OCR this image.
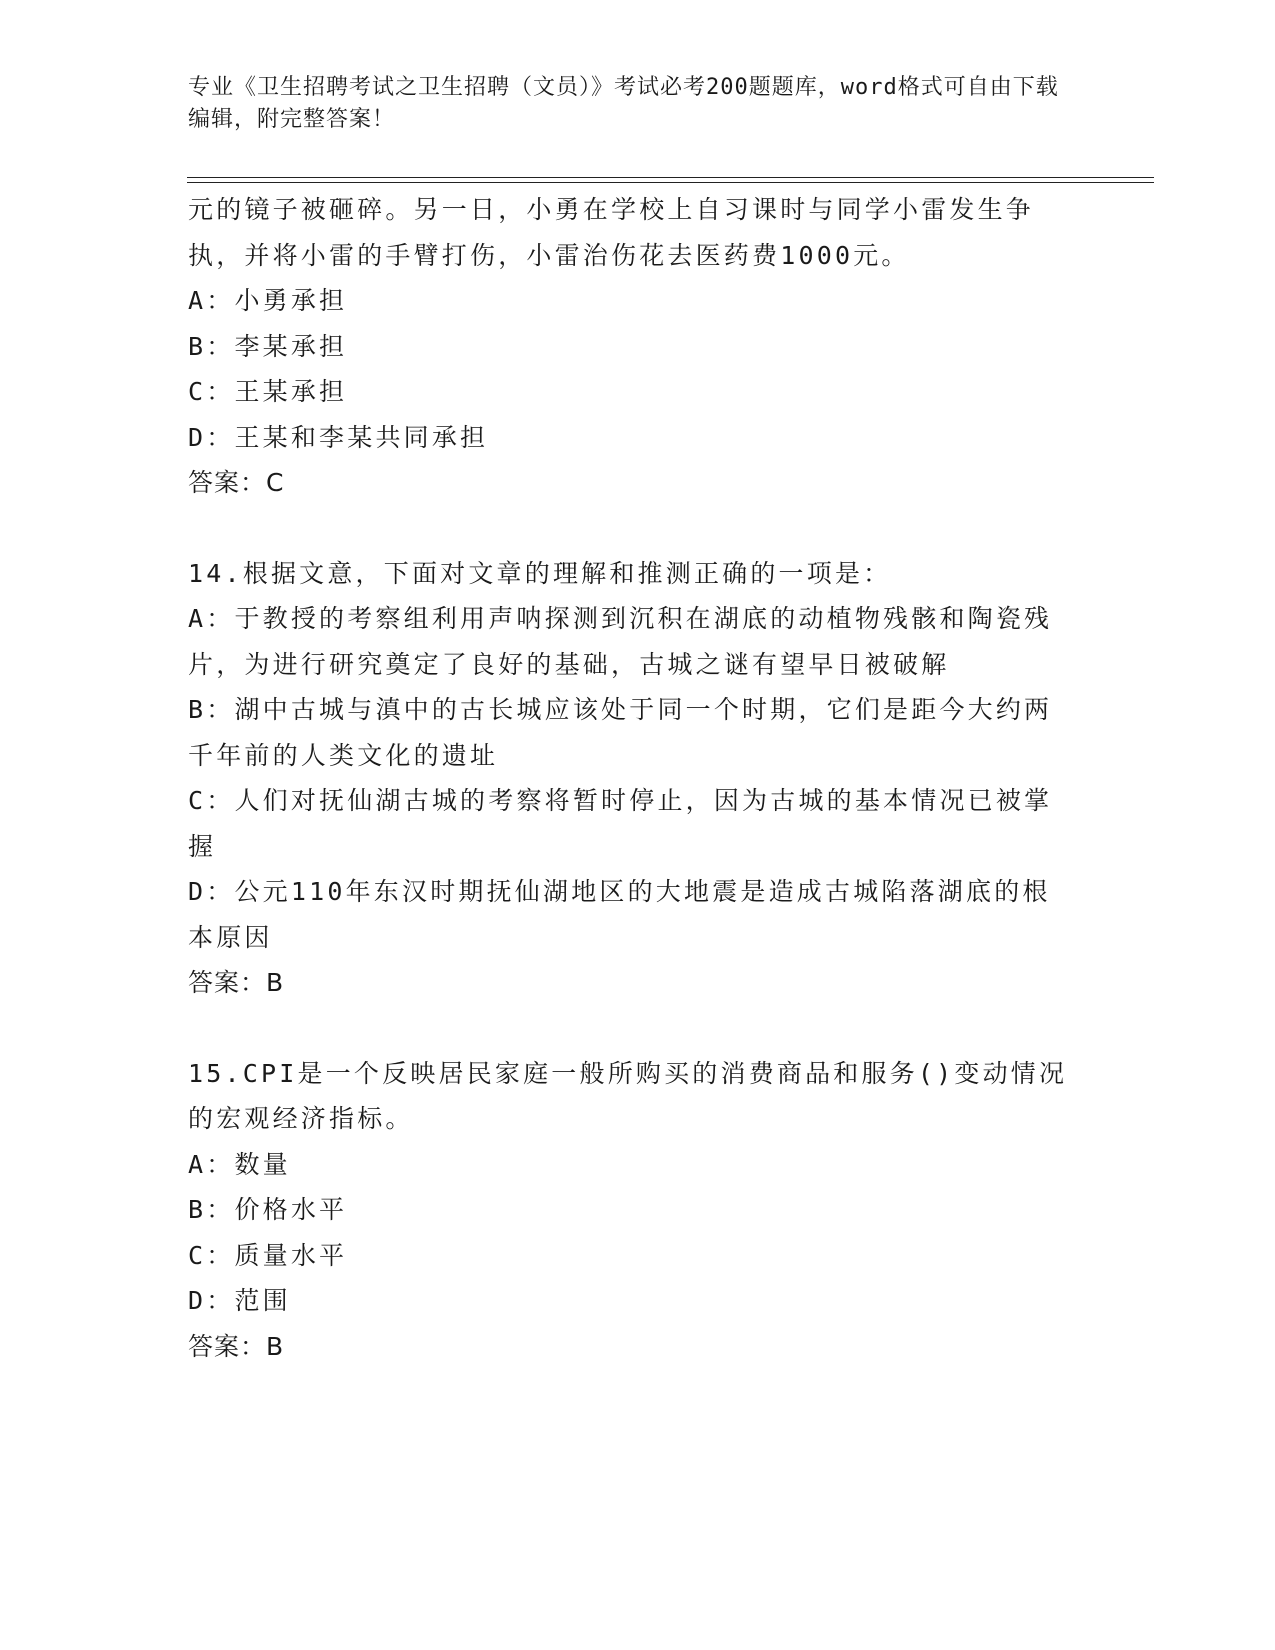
专业《卫生招聘考试之卫生招聘（文员）》考试必考200题题库，word格式可自由下载编辑，附完整答案！
元的镜子被砸碎。另一日，小勇在学校上自习课时与同学小雷发生争
执，并将小雷的手臂打伤，小雷治伤花去医药费1000元。
A：小勇承担
B：李某承担
C：王某承担
D：王某和李某共同承担
答案：C
14.根据文意，下面对文章的理解和推测正确的一项是：
A：于教授的考察组利用声呐探测到沉积在湖底的动植物残骸和陶瓷残
片，为进行研究奠定了良好的基础，古城之谜有望早日被破解
B：湖中古城与滇中的古长城应该处于同一个时期，它们是距今大约两
千年前的人类文化的遗址
C：人们对抚仙湖古城的考察将暂时停止，因为古城的基本情况已被掌
握
D：公元110年东汉时期抚仙湖地区的大地震是造成古城陷落湖底的根
本原因
答案：B
15.CPI是一个反映居民家庭一般所购买的消费商品和服务()变动情况
的宏观经济指标。
A：数量
B：价格水平
C：质量水平
D：范围
答案：B
